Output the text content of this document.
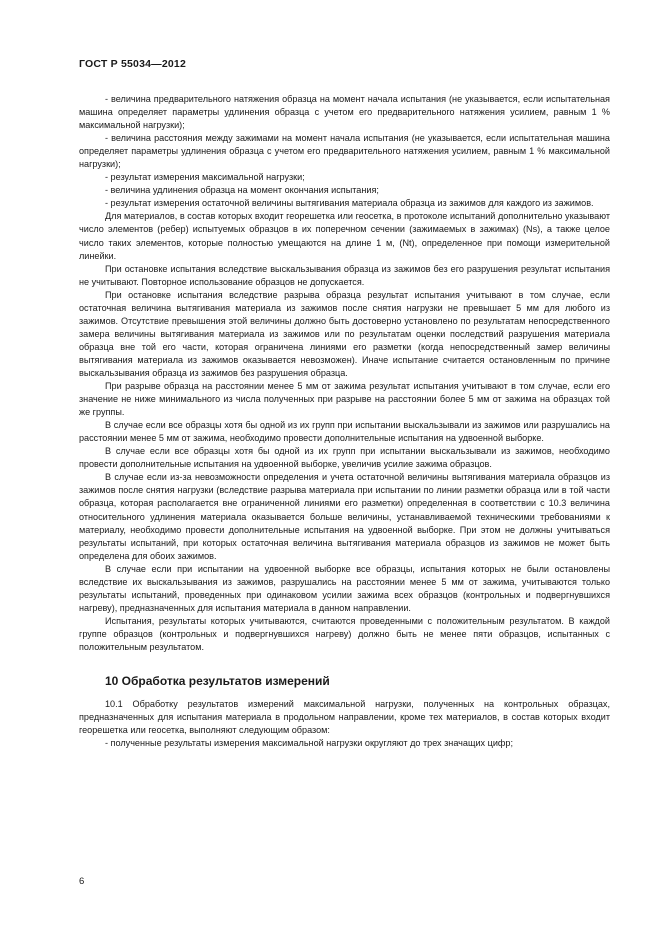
ГОСТ Р 55034—2012

- величина предварительного натяжения образца на момент начала испытания (не указывается, если испытательная машина определяет параметры удлинения образца с учетом его предварительного натяжения усилием, равным 1 % максимальной нагрузки);

- величина расстояния между зажимами на момент начала испытания (не указывается, если испытательная машина определяет параметры удлинения образца с учетом его предварительного натяжения усилием, равным 1 % максимальной нагрузки);

- результат измерения максимальной нагрузки;

- величина удлинения образца на момент окончания испытания;

- результат измерения остаточной величины вытягивания материала образца из зажимов для каждого из зажимов.

Для материалов, в состав которых входит георешетка или геосетка, в протоколе испытаний дополнительно указывают число элементов (ребер) испытуемых образцов в их поперечном сечении (зажимаемых в зажимах) (Ns), а также целое число таких элементов, которые полностью умещаются на длине 1 м, (Nt), определенное при помощи измерительной линейки.

При остановке испытания вследствие выскальзывания образца из зажимов без его разрушения результат испытания не учитывают. Повторное использование образцов не допускается.

При остановке испытания вследствие разрыва образца результат испытания учитывают в том случае, если остаточная величина вытягивания материала из зажимов после снятия нагрузки не превышает 5 мм для любого из зажимов. Отсутствие превышения этой величины должно быть достоверно установлено по результатам непосредственного замера величины вытягивания материала из зажимов или по результатам оценки последствий разрушения материала образца вне той его части, которая ограничена линиями его разметки (когда непосредственный замер величины вытягивания материала из зажимов оказывается невозможен). Иначе испытание считается остановленным по причине выскальзывания образца из зажимов без разрушения образца.

При разрыве образца на расстоянии менее 5 мм от зажима результат испытания учитывают в том случае, если его значение не ниже минимального из числа полученных при разрыве на расстоянии более 5 мм от зажима на образцах той же группы.

В случае если все образцы хотя бы одной из их групп при испытании выскальзывали из зажимов или разрушались на расстоянии менее 5 мм от зажима, необходимо провести дополнительные испытания на удвоенной выборке.

В случае если все образцы хотя бы одной из их групп при испытании выскальзывали из зажимов, необходимо провести дополнительные испытания на удвоенной выборке, увеличив усилие зажима образцов.

В случае если из-за невозможности определения и учета остаточной величины вытягивания материала образцов из зажимов после снятия нагрузки (вследствие разрыва материала при испытании по линии разметки образца или в той части образца, которая располагается вне ограниченной линиями его разметки) определенная в соответствии с 10.3 величина относительного удлинения материала оказывается больше величины, устанавливаемой техническими требованиями к материалу, необходимо провести дополнительные испытания на удвоенной выборке. При этом не должны учитываться результаты испытаний, при которых остаточная величина вытягивания материала образцов из зажимов не может быть определена для обоих зажимов.

В случае если при испытании на удвоенной выборке все образцы, испытания которых не были остановлены вследствие их выскальзывания из зажимов, разрушались на расстоянии менее 5 мм от зажима, учитываются только результаты испытаний, проведенных при одинаковом усилии зажима всех образцов (контрольных и подвергнувшихся нагреву), предназначенных для испытания материала в данном направлении.

Испытания, результаты которых учитываются, считаются проведенными с положительным результатом. В каждой группе образцов (контрольных и подвергнувшихся нагреву) должно быть не менее пяти образцов, испытанных с положительным результатом.

10 Обработка результатов измерений

10.1 Обработку результатов измерений максимальной нагрузки, полученных на контрольных образцах, предназначенных для испытания материала в продольном направлении, кроме тех материалов, в состав которых входит георешетка или геосетка, выполняют следующим образом:

- полученные результаты измерения максимальной нагрузки округляют до трех значащих цифр;

6
